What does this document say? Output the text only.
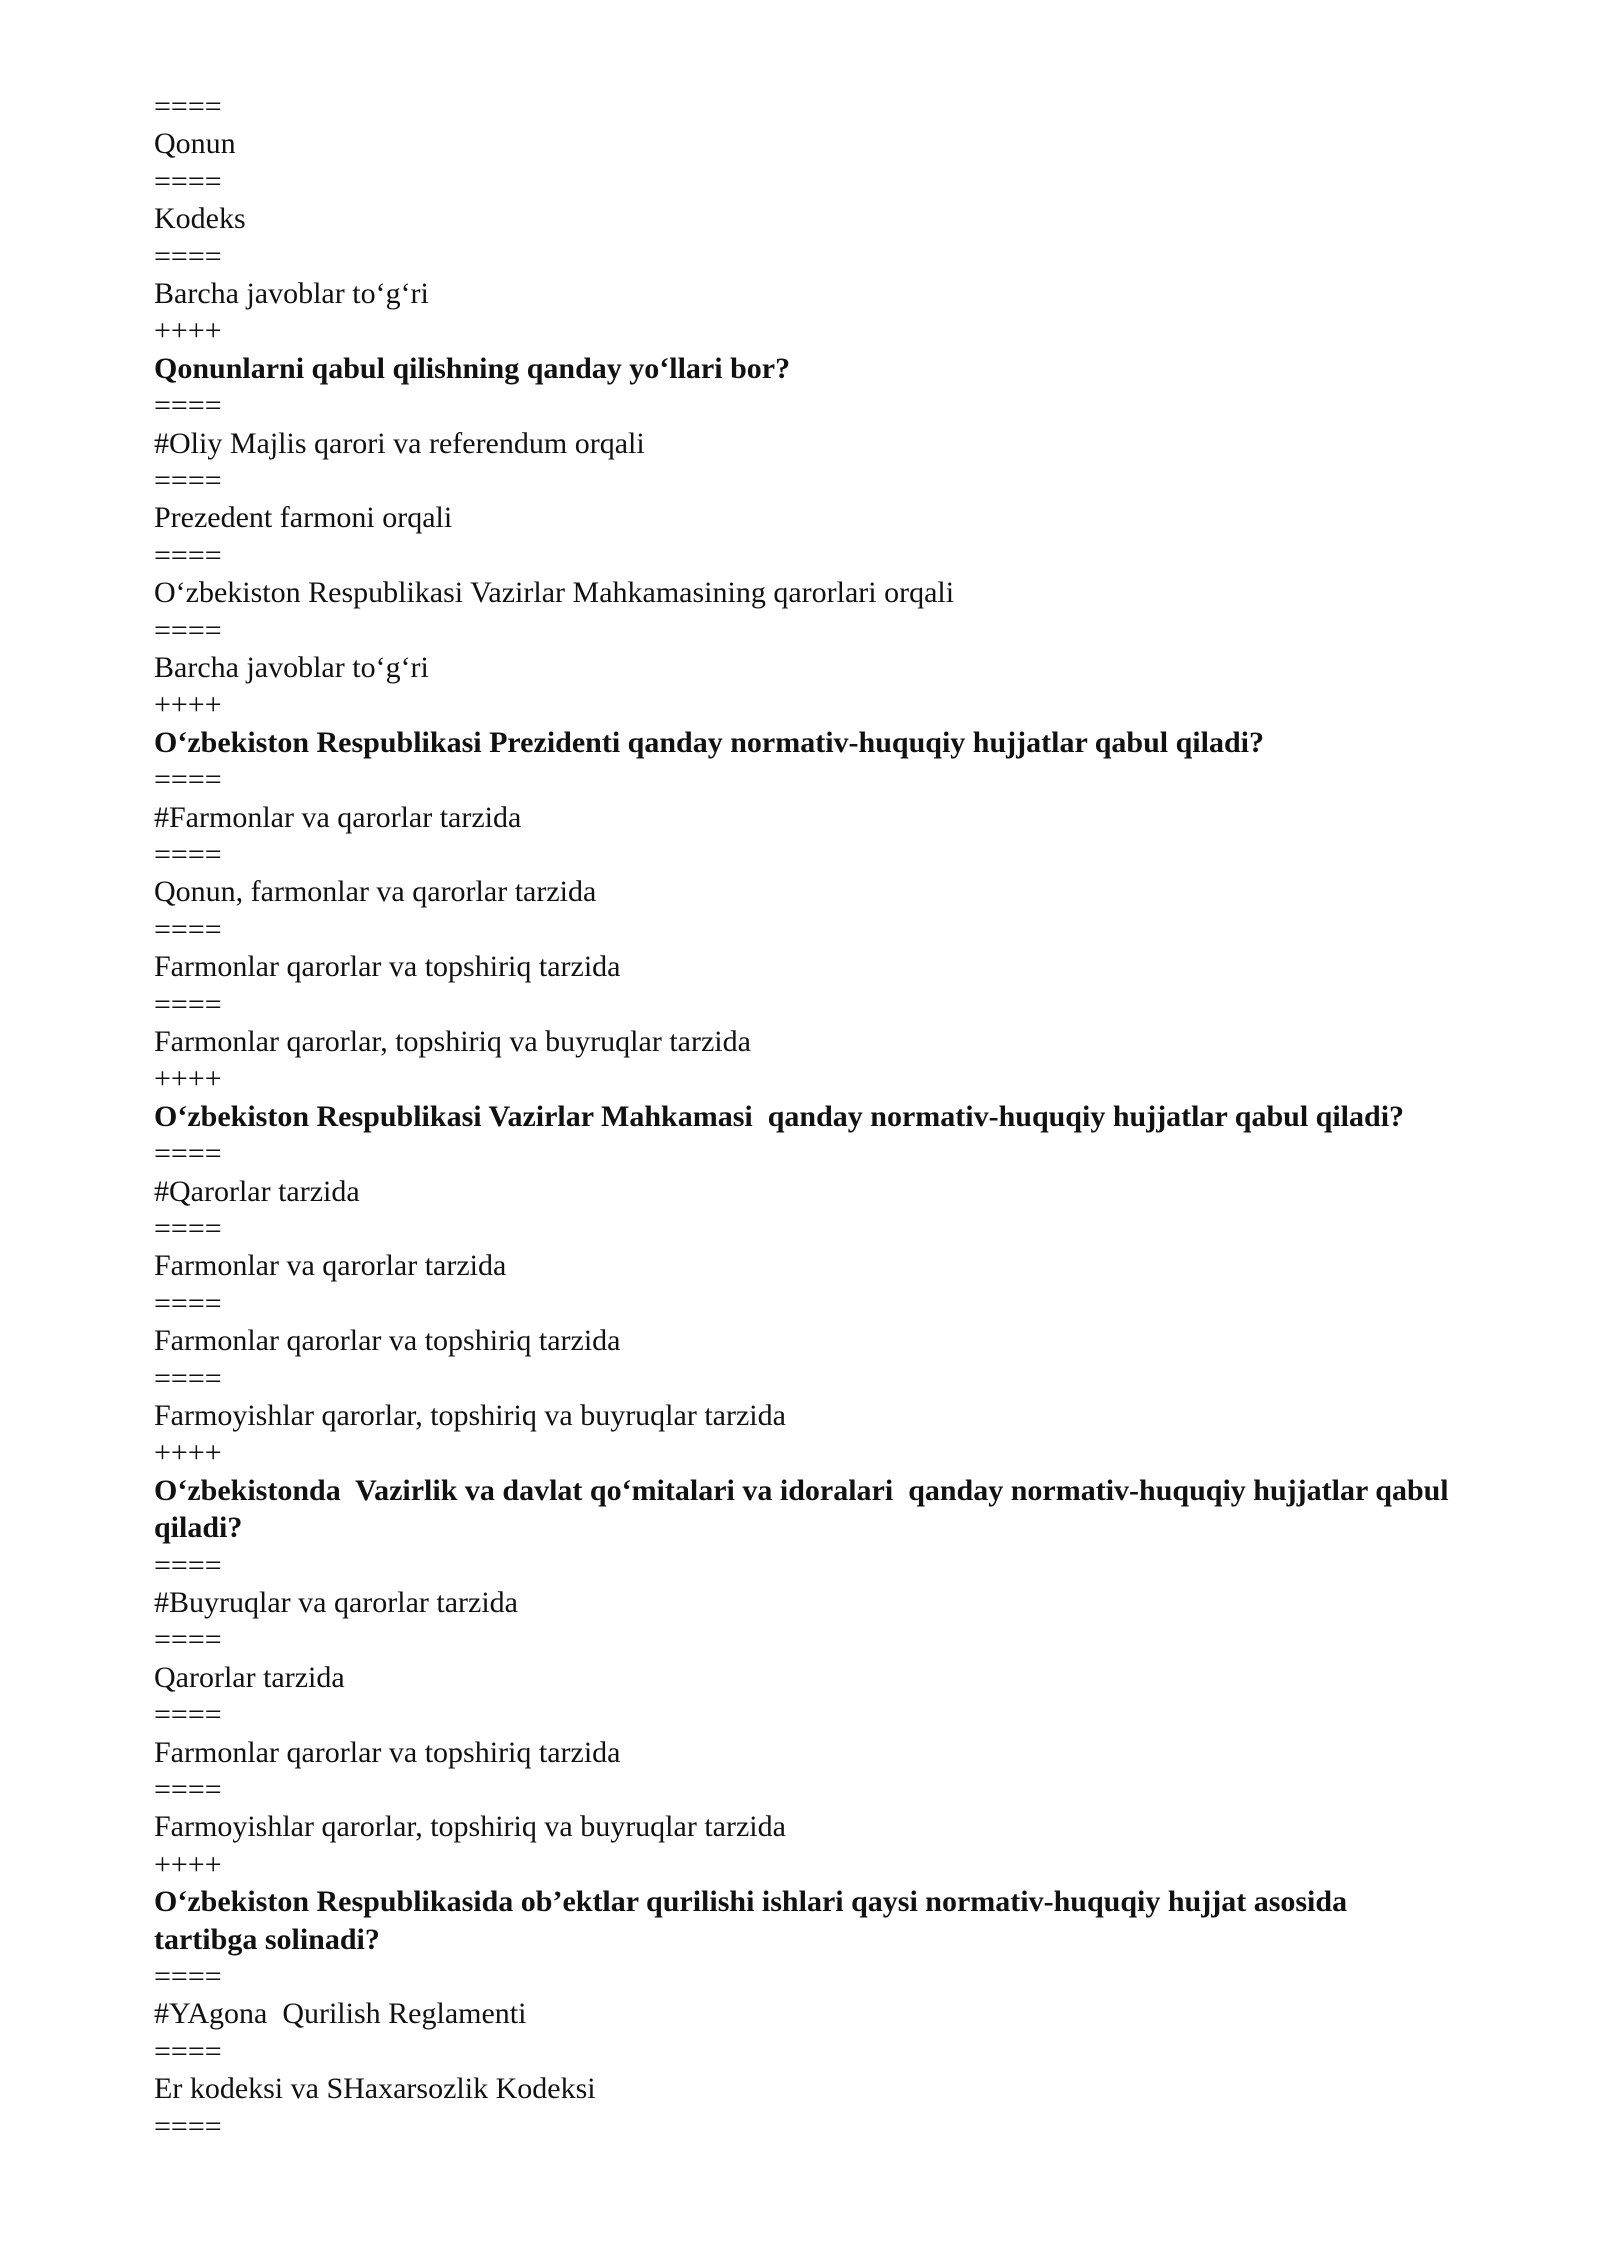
====
Qonun
====
Kodeks
====
Barcha javoblar to‘g‘ri
++++
Qonunlarni qabul qilishning qanday yo‘llari bor?
====
#Oliy Majlis qarori va referendum orqali
====
Prezedent farmoni orqali
====
O‘zbekiston Respublikasi Vazirlar Mahkamasining qarorlari orqali
====
Barcha javoblar to‘g‘ri
++++
O‘zbekiston Respublikasi Prezidenti qanday normativ-huquqiy hujjatlar qabul qiladi?
====
#Farmonlar va qarorlar tarzida
====
Qonun, farmonlar va qarorlar tarzida
====
Farmonlar qarorlar va topshiriq tarzida
====
Farmonlar qarorlar, topshiriq va buyruqlar tarzida
++++
O‘zbekiston Respublikasi Vazirlar Mahkamasi  qanday normativ-huquqiy hujjatlar qabul qiladi?
====
#Qarorlar tarzida
====
Farmonlar va qarorlar tarzida
====
Farmonlar qarorlar va topshiriq tarzida
====
Farmoyishlar qarorlar, topshiriq va buyruqlar tarzida
++++
O‘zbekistonda  Vazirlik va davlat qo‘mitalari va idoralari  qanday normativ-huquqiy hujjatlar qabul qiladi?
====
#Buyruqlar va qarorlar tarzida
====
Qarorlar tarzida
====
Farmonlar qarorlar va topshiriq tarzida
====
Farmoyishlar qarorlar, topshiriq va buyruqlar tarzida
++++
O‘zbekiston Respublikasida ob’ektlar qurilishi ishlari qaysi normativ-huquqiy hujjat asosida tartibga solinadi?
====
#YAgona  Qurilish Reglamenti
====
Er kodeksi va SHaxarsozlik Kodeksi
====
